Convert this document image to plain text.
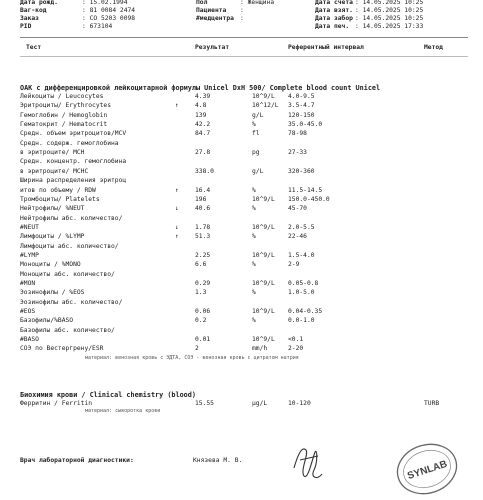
Дата рожд.	: 15.02.1994
Ваг-код	: 81 0084 2474
Заказ	: CO 5203 0098
PID	: 673104
Пол	: Женщина
Пациента :
#медцентра :
Дата счета : 14.05.2025 10:25
Дата взят. : 14.05.2025 10:25
Дата забор : 14.05.2025 10:25
Дата печ. : 14.05.2025 17:33
Тест	Результат	Референтный интервал	Метод
ОАК с дифференцировкой лейкоцитарной формулы Unicel DxH 500/ Complete blood count Unicel
Лейкоциты / Leucocytes	4.39	10^9/L 4.0-9.5
Эритроциты/ Erythrocytes	↑	4.8	10^12/L 3.5-4.7
Гемоглобин / Hemoglobin	139	g/L	120-150
Гематокрит / Hematocrit	42.2	%	35.0-45.0
Средн. объем эритроцитов/MCV	84.7	fl	78-98
Средн. содерж. гемоглобина
в эритроците/ MCH	27.8	pg	27-33
Средн. концентр. гемоглобина
в эритроците/ MCHC	338.0	g/L	320-360
Ширина распределения эритроц
итов по объему / RDW	↑	16.4	%	11.5-14.5
Тромбоциты/ Platelets	196	10^9/L 150.0-450.0
Нейтрофилы/ %NEUT	↓	40.6	%	45-70
Нейтрофилы абс. количество/
#NEUT	↓	1.78	10^9/L 2.0-5.5
Лимфоциты / %LYMP	↑	51.3	%	22-46
Лимфоциты абс. количество/
#LYMP	2.25	10^9/L 1.5-4.0
Моноциты / %MONO	6.6	%	2-9
Моноциты абс. количество/
#MON	0.29	10^9/L 0.05-0.8
Эозинофилы / %EOS	1.3	%	1.0-5.0
Эозинофилы абс. количество/
#EOS	0.06	10^9/L 0.04-0.35
Базофилы/%BASO	0.2	%	0.0-1.0
Базофилы абс. количество/
#BASO	0.01	10^9/L <0.1
СОЭ по Вестергрену/ESR	2	mm/h	2-20
материал: венозная кровь с ЭДТА, СОЭ - венозная кровь с цитратом натрия
Биохимия крови / Clinical chemistry (blood)
Ферритин / Ferritin	15.55	μg/L	10-120	TURB
материал: сыворотка крови
Врач лабораторной диагностики:	Князева М. В.	SYNLAB
